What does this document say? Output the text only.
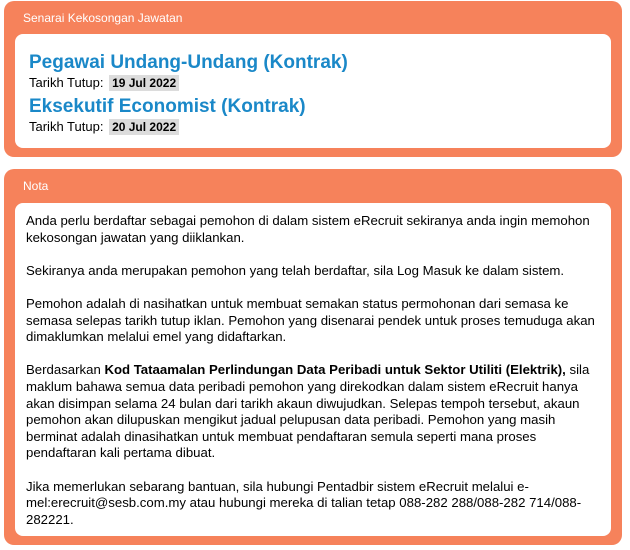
Senarai Kekosongan Jawatan
Pegawai Undang-Undang (Kontrak)
Tarikh Tutup: 19 Jul 2022
Eksekutif Economist (Kontrak)
Tarikh Tutup: 20 Jul 2022
Nota

Anda perlu berdaftar sebagai pemohon di dalam sistem eRecruit sekiranya anda ingin memohon kekosongan jawatan yang diiklankan.

Sekiranya anda merupakan pemohon yang telah berdaftar, sila Log Masuk ke dalam sistem.

Pemohon adalah di nasihatkan untuk membuat semakan status permohonan dari semasa ke semasa selepas tarikh tutup iklan. Pemohon yang disenarai pendek untuk proses temuduga akan dimaklumkan melalui emel yang didaftarkan.

Berdasarkan Kod Tataamalan Perlindungan Data Peribadi untuk Sektor Utiliti (Elektrik), sila maklum bahawa semua data peribadi pemohon yang direkodkan dalam sistem eRecruit hanya akan disimpan selama 24 bulan dari tarikh akaun diwujudkan. Selepas tempoh tersebut, akaun pemohon akan dilupuskan mengikut jadual pelupusan data peribadi. Pemohon yang masih berminat adalah dinasihatkan untuk membuat pendaftaran semula seperti mana proses pendaftaran kali pertama dibuat.

Jika memerlukan sebarang bantuan, sila hubungi Pentadbir sistem eRecruit melalui e-mel:erecruit@sesb.com.my atau hubungi mereka di talian tetap 088-282 288/088-282 714/088-282221.
